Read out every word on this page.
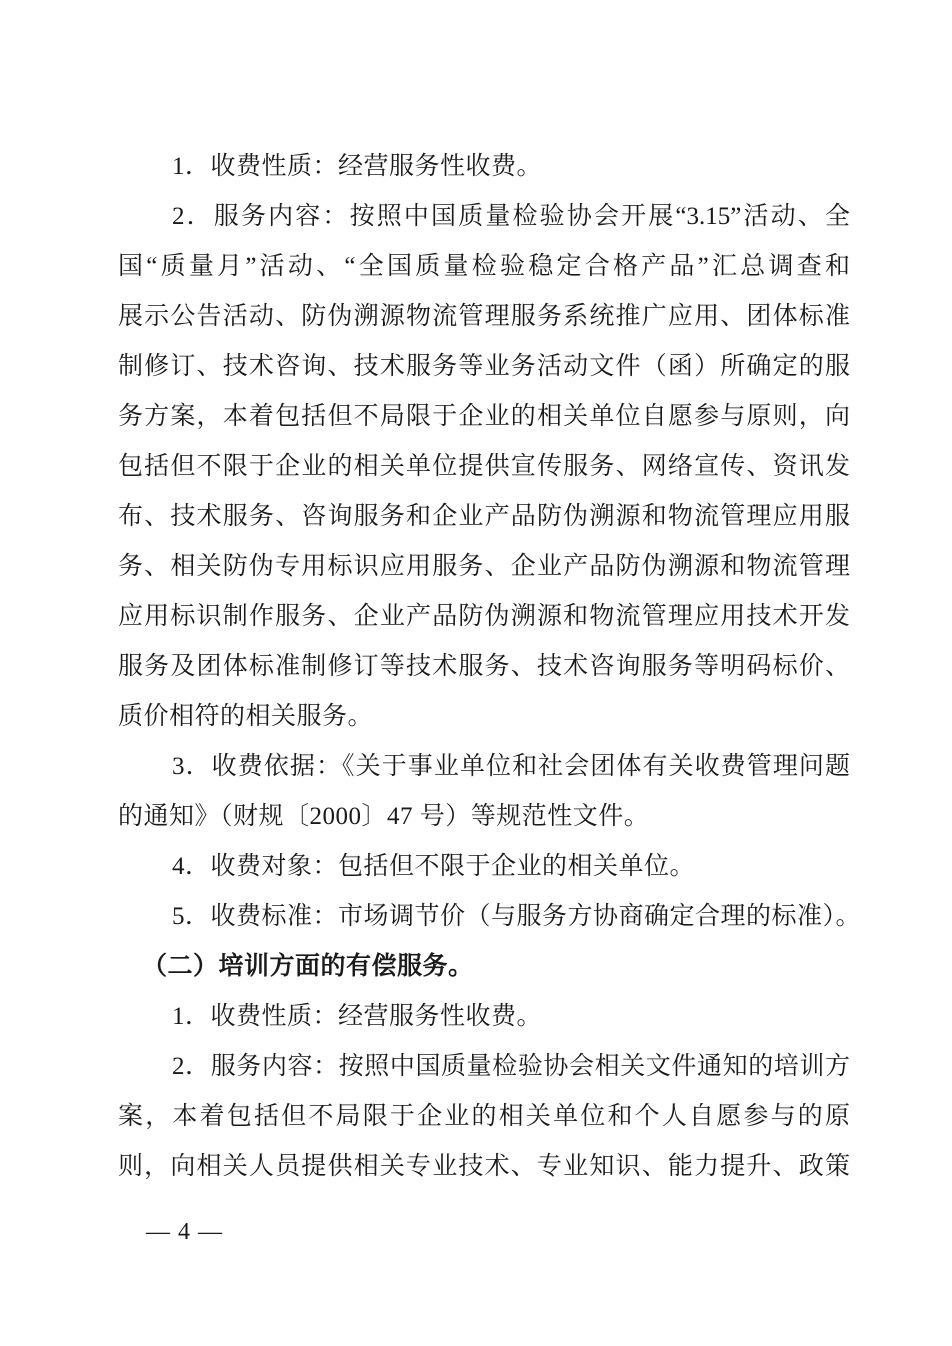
1．收费性质：经营服务性收费。
2．服务内容：按照中国质量检验协会开展“3.15”活动、全
国“质量月”活动、“全国质量检验稳定合格产品”汇总调查和
展示公告活动、防伪溯源物流管理服务系统推广应用、团体标准
制修订、技术咨询、技术服务等业务活动文件（函）所确定的服
务方案，本着包括但不局限于企业的相关单位自愿参与原则，向
包括但不限于企业的相关单位提供宣传服务、网络宣传、资讯发
布、技术服务、咨询服务和企业产品防伪溯源和物流管理应用服
务、相关防伪专用标识应用服务、企业产品防伪溯源和物流管理
应用标识制作服务、企业产品防伪溯源和物流管理应用技术开发
服务及团体标准制修订等技术服务、技术咨询服务等明码标价、
质价相符的相关服务。
3．收费依据：《关于事业单位和社会团体有关收费管理问题
的通知》（财规〔2000〕47 号）等规范性文件。
4．收费对象：包括但不限于企业的相关单位。
5．收费标准：市场调节价（与服务方协商确定合理的标准）。
（二）培训方面的有偿服务。
1．收费性质：经营服务性收费。
2．服务内容：按照中国质量检验协会相关文件通知的培训方
案，本着包括但不局限于企业的相关单位和个人自愿参与的原
则，向相关人员提供相关专业技术、专业知识、能力提升、政策
— 4 —
